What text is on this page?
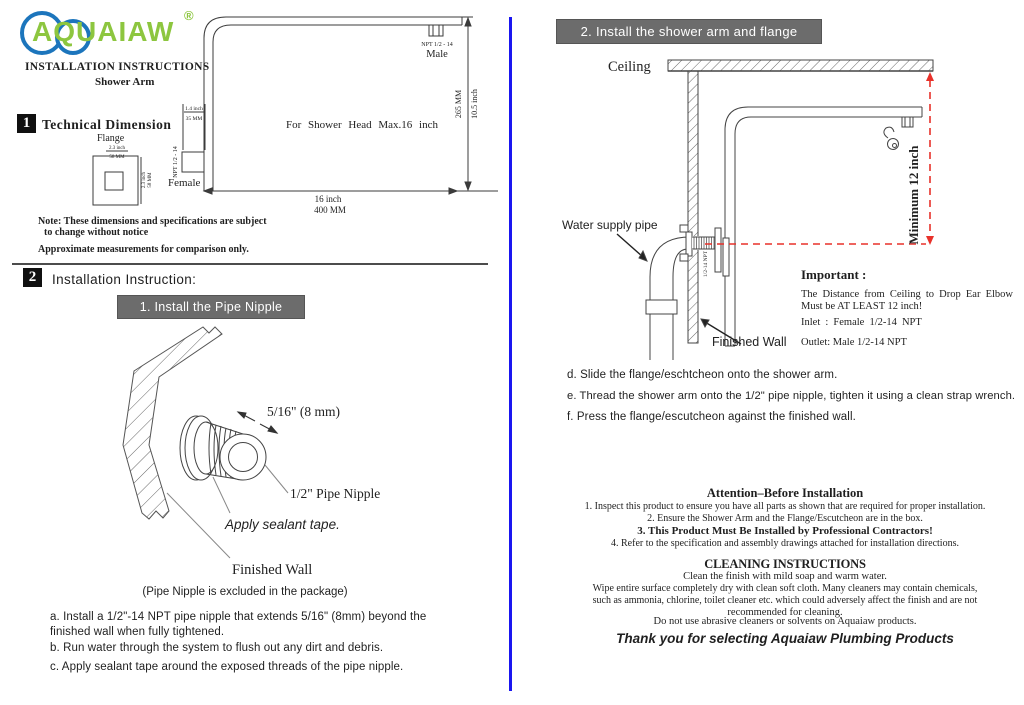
NPT 1/2 - 14
Male
265 MM 10.5 inch
For Shower Head Max.16 inch
1.4 inch
35 MM
NPT 1/2 - 14
Female
16 inch
400 MM
Flange
2.3 inch
58 MM
2.3 inch 58 MM
AQUAIAW
®
INSTALLATION INSTRUCTIONS
Shower Arm
1 Technical Dimension
Note: These dimensions and specifications are subject
to change without notice
Approximate measurements for comparison only.
2	Installation Instruction:
1. Install the Pipe Nipple
5/16" (8 mm)
1/2" Pipe Nipple
Apply sealant tape.
Finished Wall
(Pipe Nipple is excluded in the package)
a. Install a 1/2"-14 NPT pipe nipple that extends 5/16" (8mm) beyond the finished wall when fully tightened.
b. Run water through the system to flush out any dirt and debris.
c. Apply sealant tape around the exposed threads of the pipe nipple.
2. Install the shower arm and flange
Ceiling
Minimum 12 inch
Water supply pipe
1/2-14 NPT
Finished Wall
Important :
The Distance from Ceiling to Drop Ear Elbow
Must be AT LEAST 12 inch!
Inlet : Female 1/2-14 NPT
Outlet: Male 1/2-14 NPT
d. Slide the flange/eschtcheon onto the shower arm.
e. Thread the shower arm onto the 1/2" pipe nipple, tighten it using a clean strap wrench.
f. Press the flange/escutcheon against the finished wall.
Attention–Before Installation
1. Inspect this product to ensure you have all parts as shown that are required for proper installation.
2. Ensure the Shower Arm and the Flange/Escutcheon are in the box.
3. This Product Must Be Installed by Professional Contractors!
4. Refer to the specification and assembly drawings attached for installation directions.
CLEANING INSTRUCTIONS
Clean the finish with mild soap and warm water.
Wipe entire surface completely dry with clean soft cloth. Many cleaners may contain chemicals,
such as ammonia, chlorine, toilet cleaner etc. which could adversely affect the finish and are not
recommended for cleaning.
Do not use abrasive cleaners or solvents on Aquaiaw products.
Thank you for selecting Aquaiaw Plumbing Products
